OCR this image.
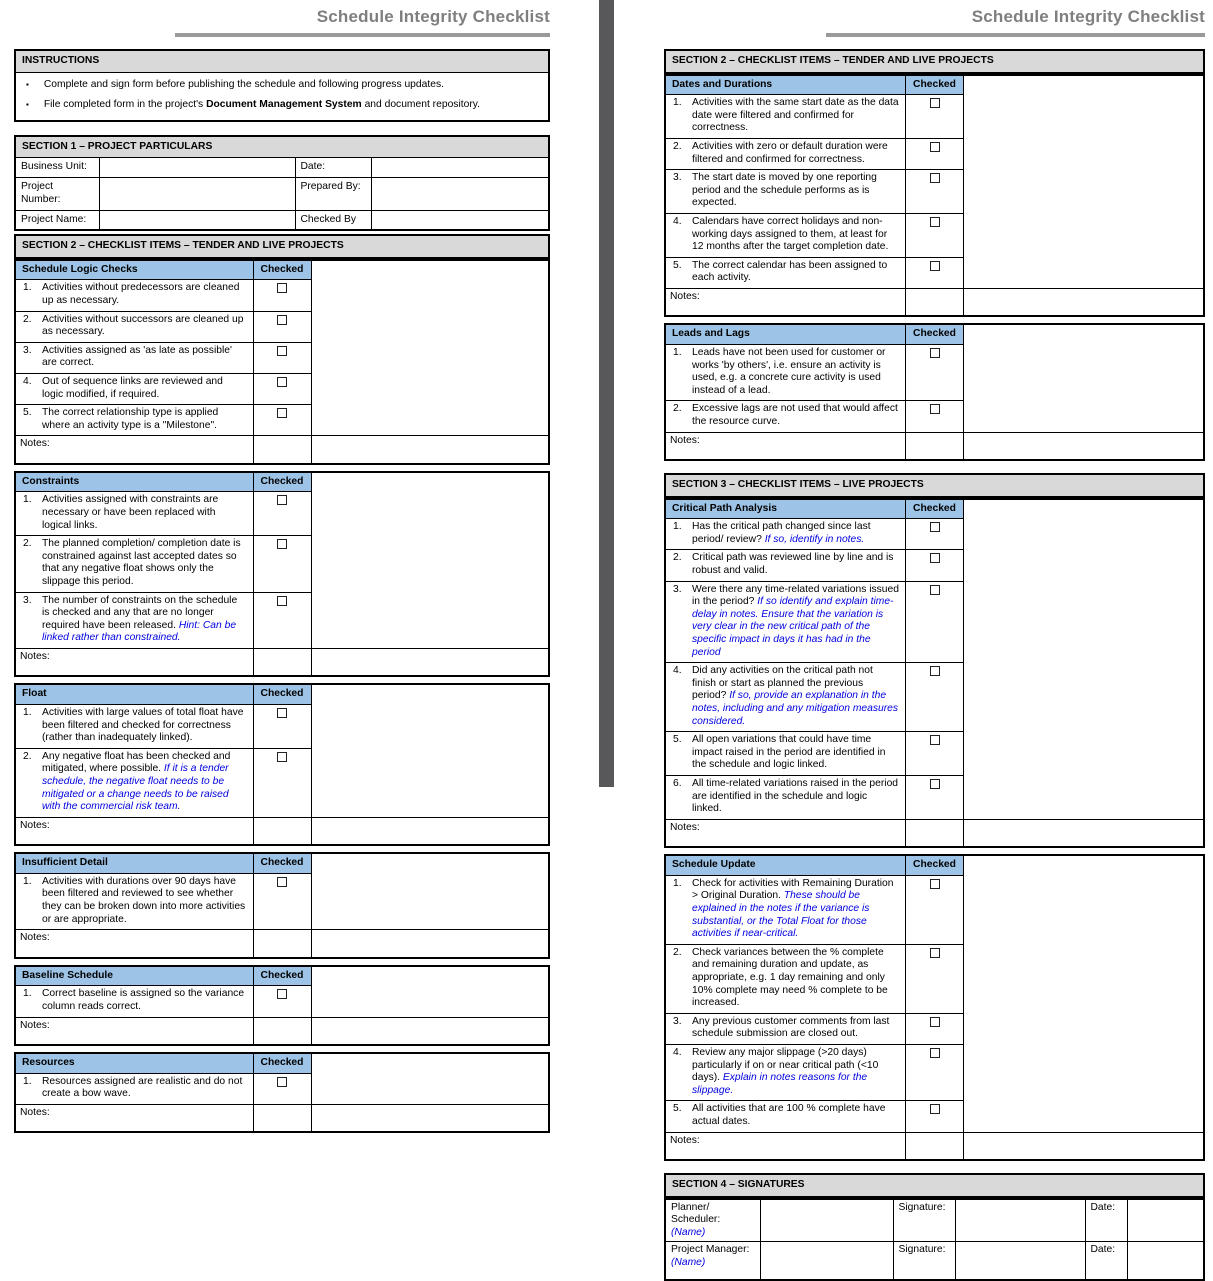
Schedule Integrity Checklist
INSTRUCTIONS

▪ Complete and sign form before publishing the schedule and following progress updates.
▪ File completed form in the project's Document Management System and document repository.
SECTION 1 – PROJECT PARTICULARS			
Business Unit:		Date:	
Project Number:		Prepared By:	
Project Name:		Checked By	
SECTION 2 – CHECKLIST ITEMS – TENDER AND LIVE PROJECTS
Schedule Logic Checks	Checked	

1. Activities without predecessors are cleaned up as necessary.		

2. Activities without successors are cleaned up as necessary.		

3. Activities assigned as 'as late as possible' are correct.		

4. Out of sequence links are reviewed and logic modified, if required.		

5. The correct relationship type is applied where an activity type is a "Milestone".		

Notes:		
Constraints	Checked	

1. Activities assigned with constraints are necessary or have been replaced with logical links.		

2. The planned completion/ completion date is constrained against last accepted dates so that any negative float shows only the slippage this period.		

3. The number of constraints on the schedule is checked and any that are no longer required have been released. Hint: Can be linked rather than constrained.		

Notes:		
Float	Checked	

1. Activities with large values of total float have been filtered and checked for correctness (rather than inadequately linked).		

2. Any negative float has been checked and mitigated, where possible. If it is a tender schedule, the negative float needs to be mitigated or a change needs to be raised with the commercial risk team.		

Notes:		
Insufficient Detail	Checked	

1. Activities with durations over 90 days have been filtered and reviewed to see whether they can be broken down into more activities or are appropriate.		

Notes:		
Baseline Schedule	Checked	

1. Correct baseline is assigned so the variance column reads correct.		

Notes:		
Resources	Checked	

1. Resources assigned are realistic and do not create a bow wave.		

Notes:		
Schedule Integrity Checklist
SECTION 2 – CHECKLIST ITEMS – TENDER AND LIVE PROJECTS
Dates and Durations	Checked	

1. Activities with the same start date as the data date were filtered and confirmed for correctness.		

2. Activities with zero or default duration were filtered and confirmed for correctness.		

3. The start date is moved by one reporting period and the schedule performs as is expected.		

4. Calendars have correct holidays and non-working days assigned to them, at least for 12 months after the target completion date.		

5. The correct calendar has been assigned to each activity.		

Notes:		
Leads and Lags	Checked	

1. Leads have not been used for customer or works 'by others', i.e. ensure an activity is used, e.g. a concrete cure activity is used instead of a lead.		

2. Excessive lags are not used that would affect the resource curve.		

Notes:		
SECTION 3 – CHECKLIST ITEMS – LIVE PROJECTS
Critical Path Analysis	Checked	

1. Has the critical path changed since last period/ review? If so, identify in notes.		

2. Critical path was reviewed line by line and is robust and valid.		

3. Were there any time-related variations issued in the period? If so identify and explain time-delay in notes. Ensure that the variation is very clear in the new critical path of the specific impact in days it has had in the period		

4. Did any activities on the critical path not finish or start as planned the previous period? If so, provide an explanation in the notes, including and any mitigation measures considered.		

5. All open variations that could have time impact raised in the period are identified in the schedule and logic linked.		

6. All time-related variations raised in the period are identified in the schedule and logic linked.		

Notes:		
Schedule Update	Checked	

1. Check for activities with Remaining Duration > Original Duration. These should be explained in the notes if the variance is substantial, or the Total Float for those activities if near-critical.		

2. Check variances between the % complete and remaining duration and update, as appropriate, e.g. 1 day remaining and only 10% complete may need % complete to be increased.		

3. Any previous customer comments from last schedule submission are closed out.		

4. Review any major slippage (>20 days) particularly if on or near critical path (<10 days). Explain in notes reasons for the slippage.		

5. All activities that are 100 % complete have actual dates.		

Notes:		
SECTION 4 – SIGNATURES
Planner/
Scheduler:
(Name)		Signature:		Date:	

Project Manager:
(Name)		Signature:		Date:	
